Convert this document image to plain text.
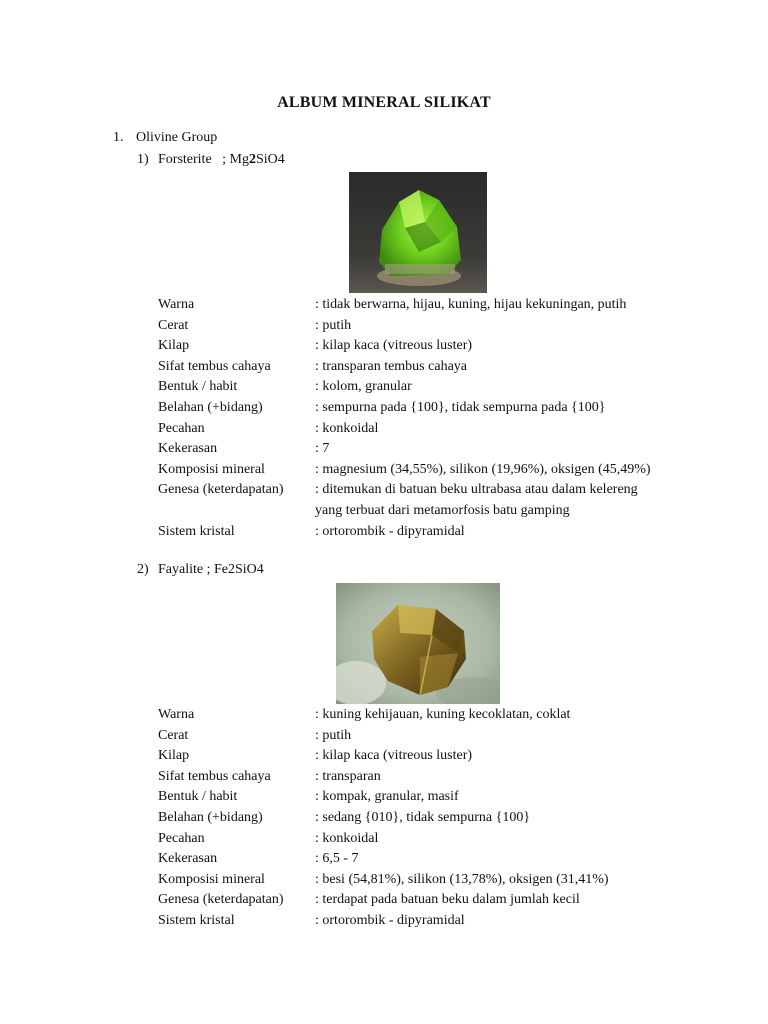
ALBUM MINERAL SILIKAT
1. Olivine Group
1) Forsterite   ; Mg2SiO4
Warna	: tidak berwarna, hijau, kuning, hijau kekuningan, putih
Cerat	: putih
Kilap	: kilap kaca (vitreous luster)
Sifat tembus cahaya	: transparan tembus cahaya
Bentuk / habit	: kolom, granular
Belahan (+bidang)	: sempurna pada {100}, tidak sempurna pada {100}
Pecahan	: konkoidal
Kekerasan	: 7
Komposisi mineral	: magnesium (34,55%), silikon (19,96%), oksigen (45,49%)
Genesa (keterdapatan)	: ditemukan di batuan beku ultrabasa atau dalam kelereng
yang terbuat dari metamorfosis batu gamping
Sistem kristal	: ortorombik - dipyramidal
2) Fayalite ; Fe2SiO4
Warna	: kuning kehijauan, kuning kecoklatan, coklat
Cerat	: putih
Kilap	: kilap kaca (vitreous luster)
Sifat tembus cahaya	: transparan
Bentuk / habit	: kompak, granular, masif
Belahan (+bidang)	: sedang {010}, tidak sempurna {100}
Pecahan	: konkoidal
Kekerasan	: 6,5 - 7
Komposisi mineral	: besi (54,81%), silikon (13,78%), oksigen (31,41%)
Genesa (keterdapatan)	: terdapat pada batuan beku dalam jumlah kecil
Sistem kristal	: ortorombik - dipyramidal
